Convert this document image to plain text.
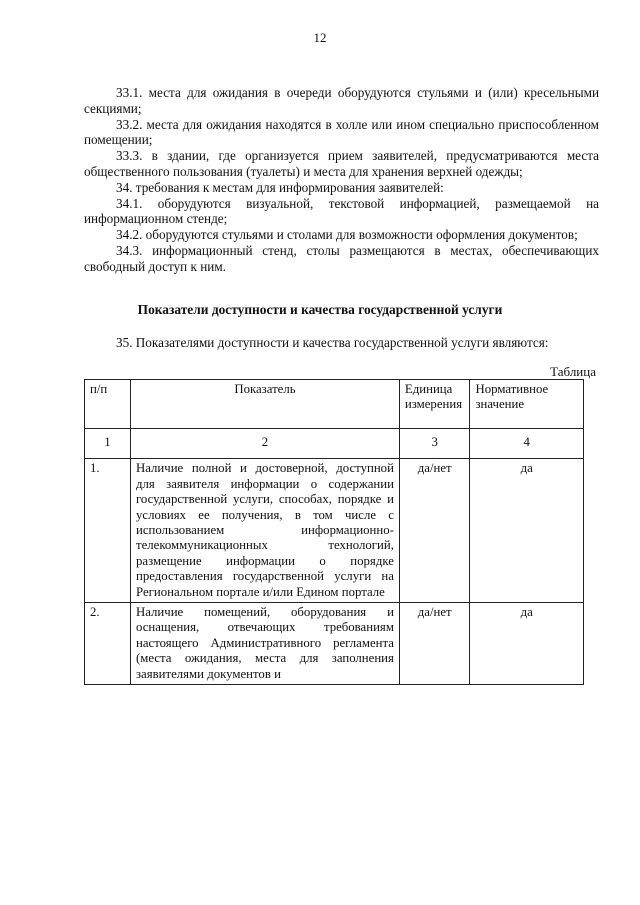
12

33.1. места для ожидания в очереди оборудуются стульями и (или) кресельными секциями;

33.2. места для ожидания находятся в холле или ином специально приспособленном помещении;

33.3. в здании, где организуется прием заявителей, предусматриваются места общественного пользования (туалеты) и места для хранения верхней одежды;

34. требования к местам для информирования заявителей:

34.1. оборудуются визуальной, текстовой информацией, размещаемой на информационном стенде;

34.2. оборудуются стульями и столами для возможности оформления документов;

34.3. информационный стенд, столы размещаются в местах, обеспечивающих свободный доступ к ним.

Показатели доступности и качества государственной услуги

35. Показателями доступности и качества государственной услуги являются:

Таблица
п/п	Показатель	Единица измерения	Нормативное значение
1	2	3	4
1.	Наличие полной и достоверной, доступной для заявителя информации о содержании государственной услуги, способах, порядке и условиях ее получения, в том числе с использованием информационно-телекоммуникационных технологий, размещение информации о порядке предоставления государственной услуги на Региональном портале и/или Едином портале	да/нет	да
2.	Наличие помещений, оборудования и оснащения, отвечающих требованиям настоящего Административного регламента (места ожидания, места для заполнения заявителями документов и	да/нет	да
